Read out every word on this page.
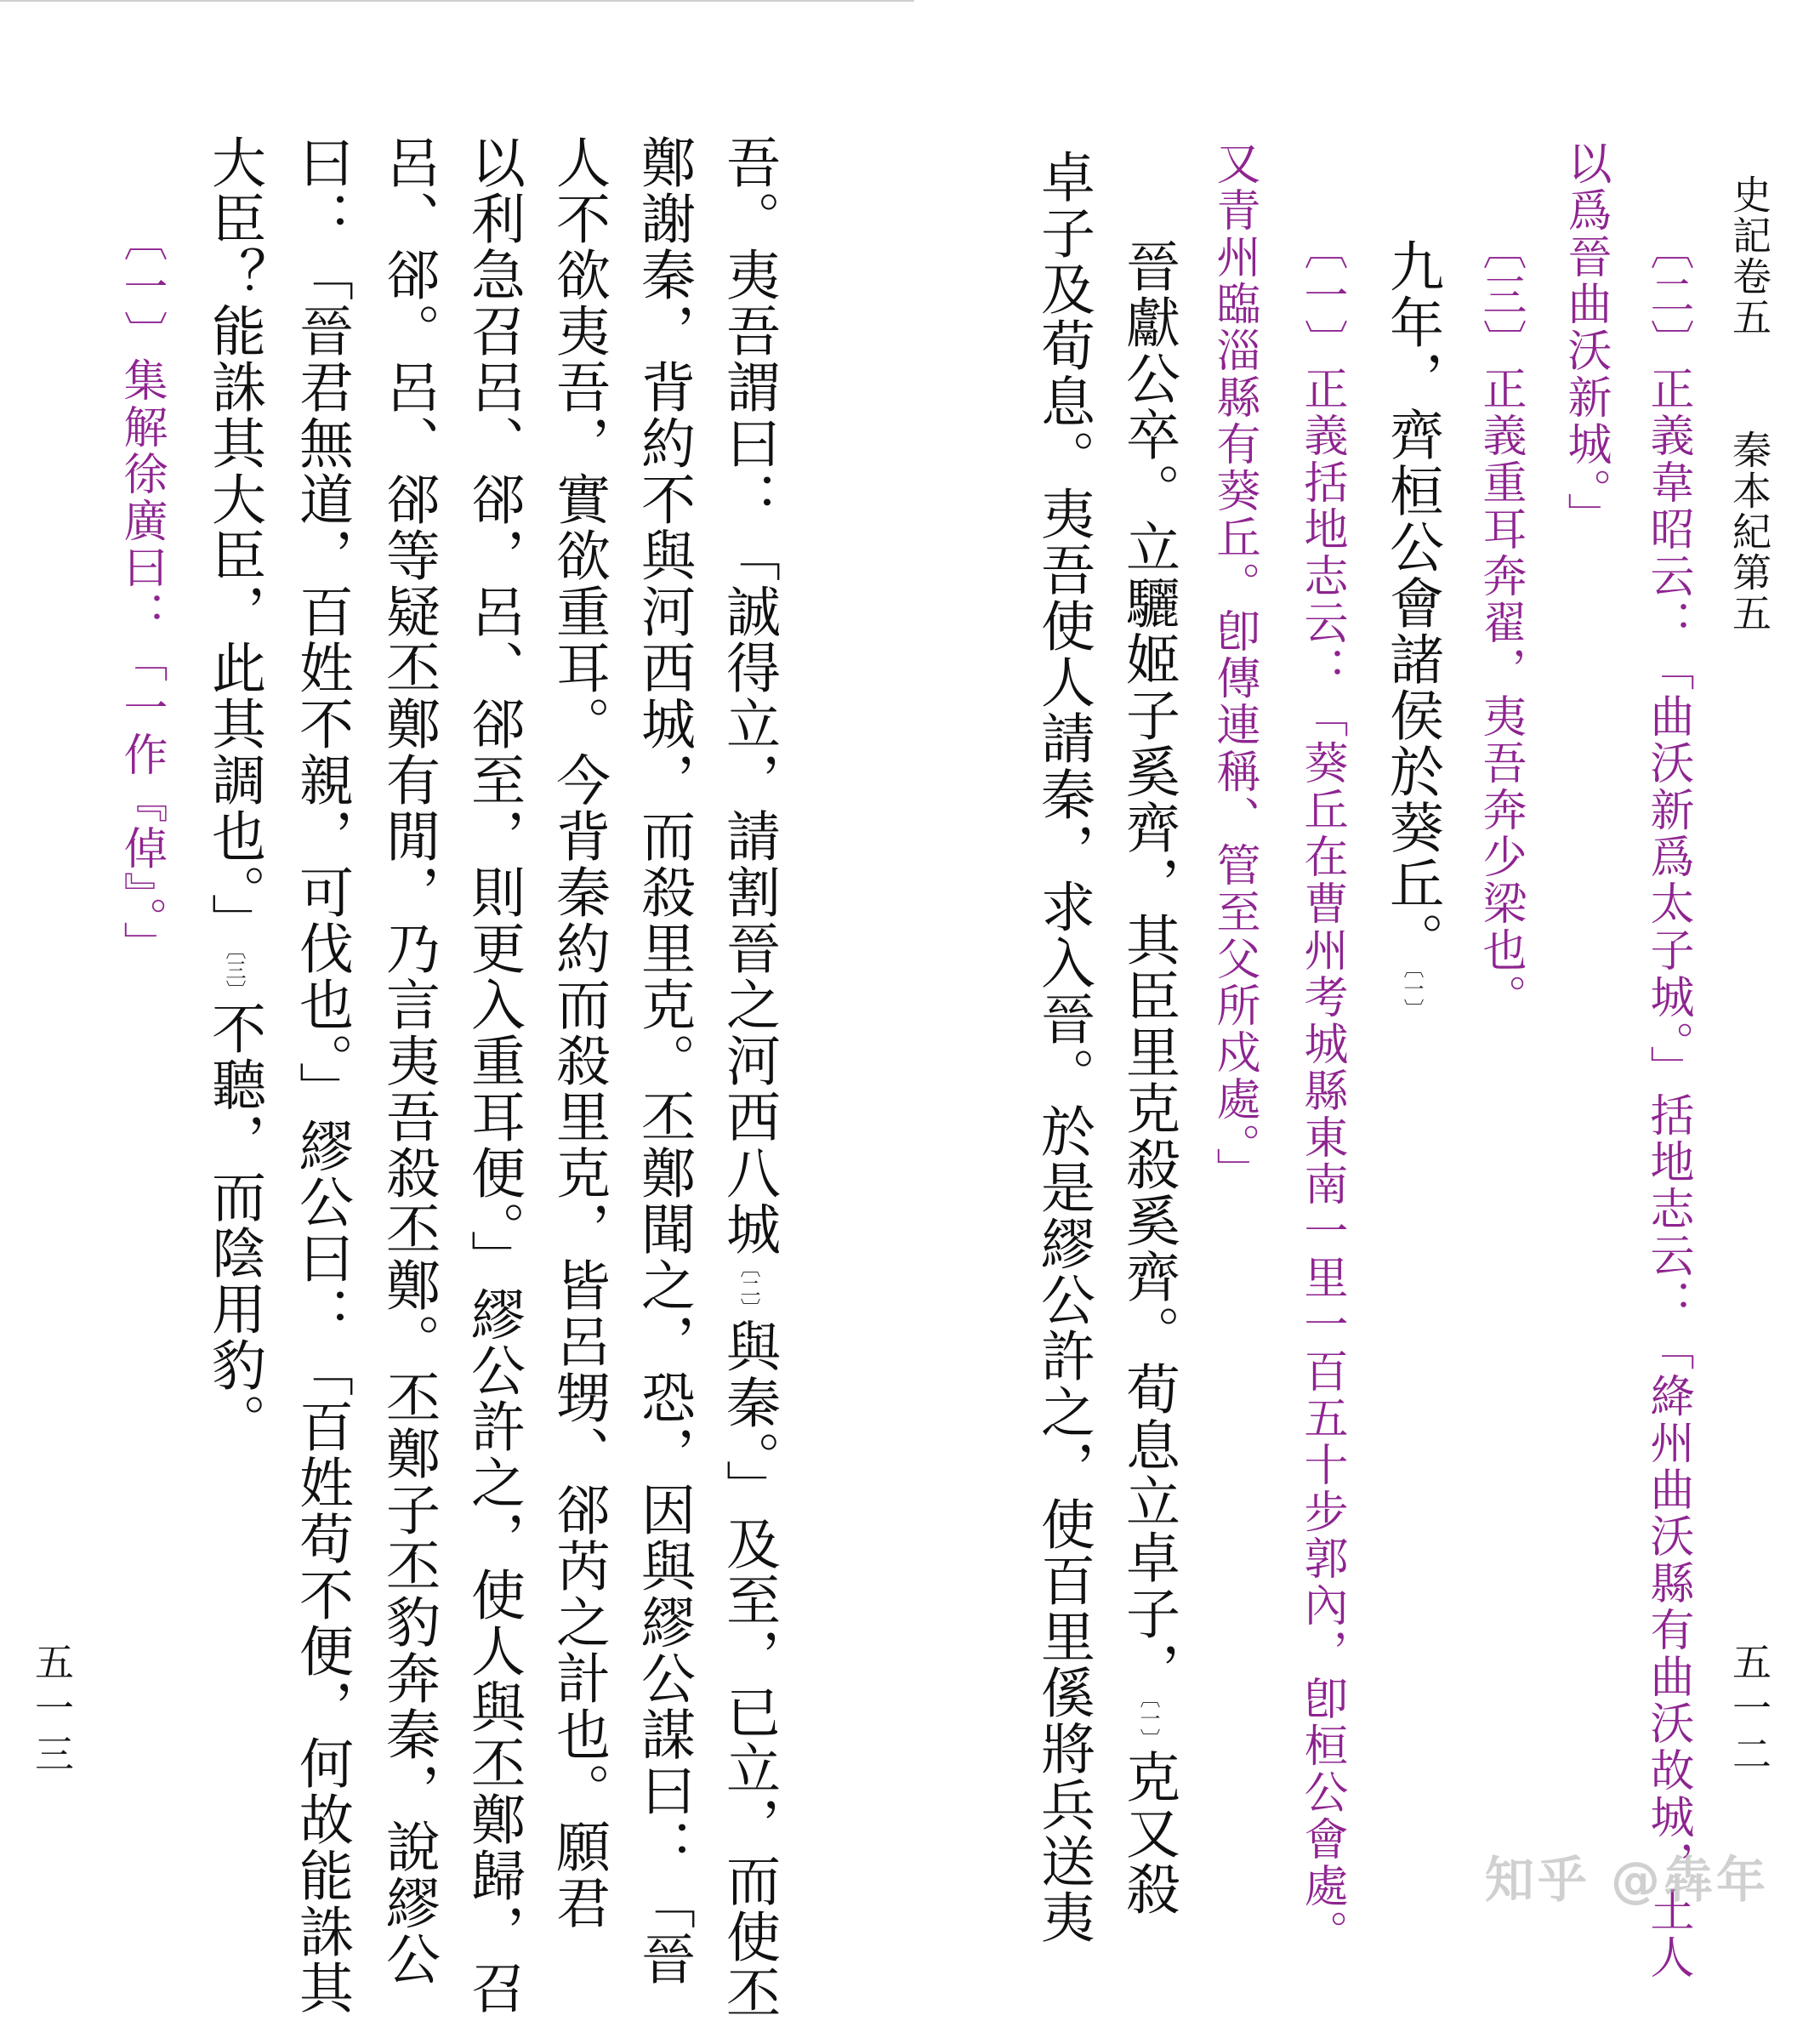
史記卷五
秦本紀第五
五一二
〔二〕正義韋昭云：「曲沃新爲太子城。」括地志云：「絳州曲沃縣有曲沃故城，土人
以爲晉曲沃新城。」
〔三〕正義重耳奔翟，夷吾奔少梁也。
九年，齊桓公會諸侯於葵丘。〔一〕
〔一〕正義括地志云：「葵丘在曹州考城縣東南一里一百五十步郭內，卽桓公會處。
又青州臨淄縣有葵丘。卽傳連稱、管至父所戍處。」
晉獻公卒。立驪姬子奚齊，其臣里克殺奚齊。荀息立卓子，〔一〕克又殺
卓子及荀息。夷吾使人請秦，求入晉。於是繆公許之，使百里傒將兵送夷
吾。夷吾謂曰：「誠得立，請割晉之河西八城〔二〕與秦。」及至，已立，而使丕
鄭謝秦，背約不與河西城，而殺里克。丕鄭聞之，恐，因與繆公謀曰：「晉
人不欲夷吾，實欲重耳。今背秦約而殺里克，皆呂甥、郤芮之計也。願君
以利急召呂、郤，呂、郤至，則更入重耳便。」繆公許之，使人與丕鄭歸，召
呂、郤。呂、郤等疑丕鄭有閒，乃言夷吾殺丕鄭。丕鄭子丕豹奔秦，說繆公
曰：「晉君無道，百姓不親，可伐也。」繆公曰：「百姓苟不便，何故能誅其
大臣？能誅其大臣，此其調也。」〔三〕不聽，而陰用豹。
〔一〕集解徐廣曰：「一作『倬』。」
五一三
知乎 @犇年
